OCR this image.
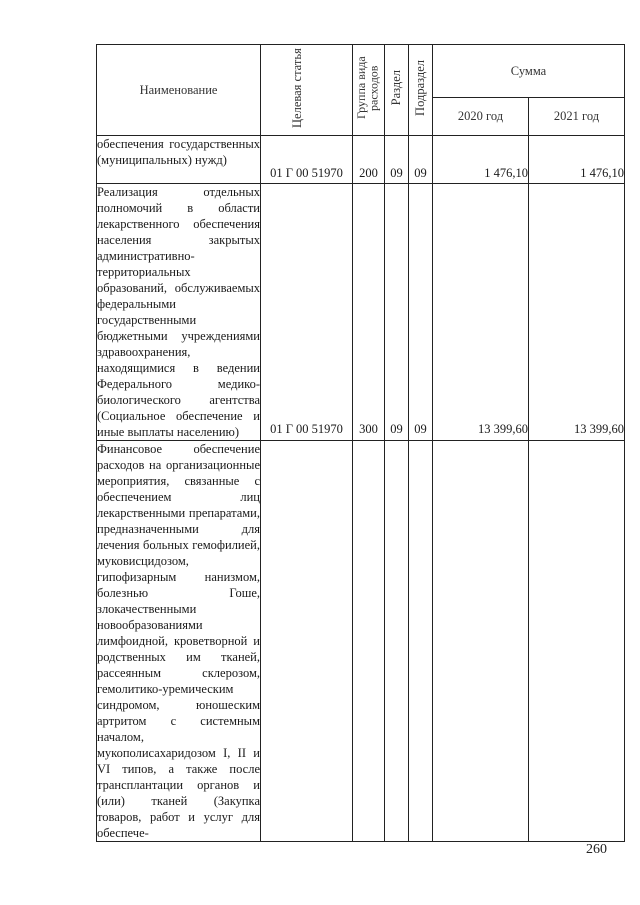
Наименование	Целевая статья	Группа вида расходов	Раздел	Подраздел	Сумма	
					2020 год	2021 год
обеспечения государственных (муниципальных) нужд)	01 Г 00 51970	200	09	09	1 476,10	1 476,10
Реализация отдельных полномочий в области лекарственного обеспечения населения закрытых административно-территориальных образований, обслуживаемых федеральными государственными бюджетными учреждениями здравоохранения, находящимися в ведении Федерального медико-биологического агентства (Социальное обеспечение и иные выплаты населению)	01 Г 00 51970	300	09	09	13 399,60	13 399,60
Финансовое обеспечение расходов на организационные мероприятия, связанные с обеспечением лиц лекарственными препаратами, предназначенными для лечения больных гемофилией, муковисцидозом, гипофизарным нанизмом, болезнью Гоше, злокачественными новообразованиями лимфоидной, кроветворной и родственных им тканей, рассеянным склерозом, гемолитико-уремическим синдромом, юношеским артритом с системным началом, мукополисахаридозом I, II и VI типов, а также после трансплантации органов и (или) тканей (Закупка товаров, работ и услуг для обеспече-						
260
